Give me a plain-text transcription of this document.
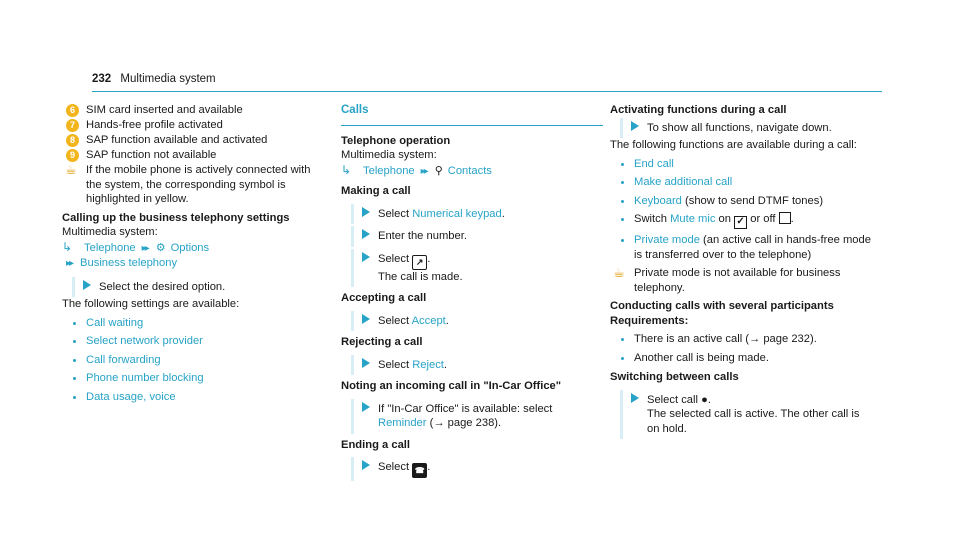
232 Multimedia system
6 SIM card inserted and available
7 Hands-free profile activated
8 SAP function available and activated
9 SAP function not available
☕︎ If the mobile phone is actively connected with the system, the corresponding symbol is highlighted in yellow.

Calling up the business telephony settings

Multimedia system:

↳ Telephone ▸▸ ⚙ Options

▸▸ Business telephony

Select the desired option.

The following settings are available:

Call waiting
Select network provider
Call forwarding
Phone number blocking
Data usage, voice

Calls

Telephone operation

Multimedia system:

↳ Telephone ▸▸ ⚲ Contacts

Making a call

Select Numerical keypad.
Enter the number.
Select ↗ .
The call is made.

Accepting a call

Select Accept.

Rejecting a call

Select Reject.

Noting an incoming call in "In-Car Office"

If "In-Car Office" is available: select
Reminder (→ page 238).

Ending a call

Select ☎ .

Activating functions during a call

To show all functions, navigate down.

The following functions are available during a call:

End call
Make additional call
Keyboard (show to send DTMF tones)
Switch Mute mic on ✓ or off .
Private mode (an active call in hands-free mode is transferred over to the telephone)
☕︎ Private mode is not available for business telephony.

Conducting calls with several participants

Requirements:

There is an active call (→ page 232).
Another call is being made.

Switching between calls

Select call ●.
The selected call is active. The other call is on hold.
